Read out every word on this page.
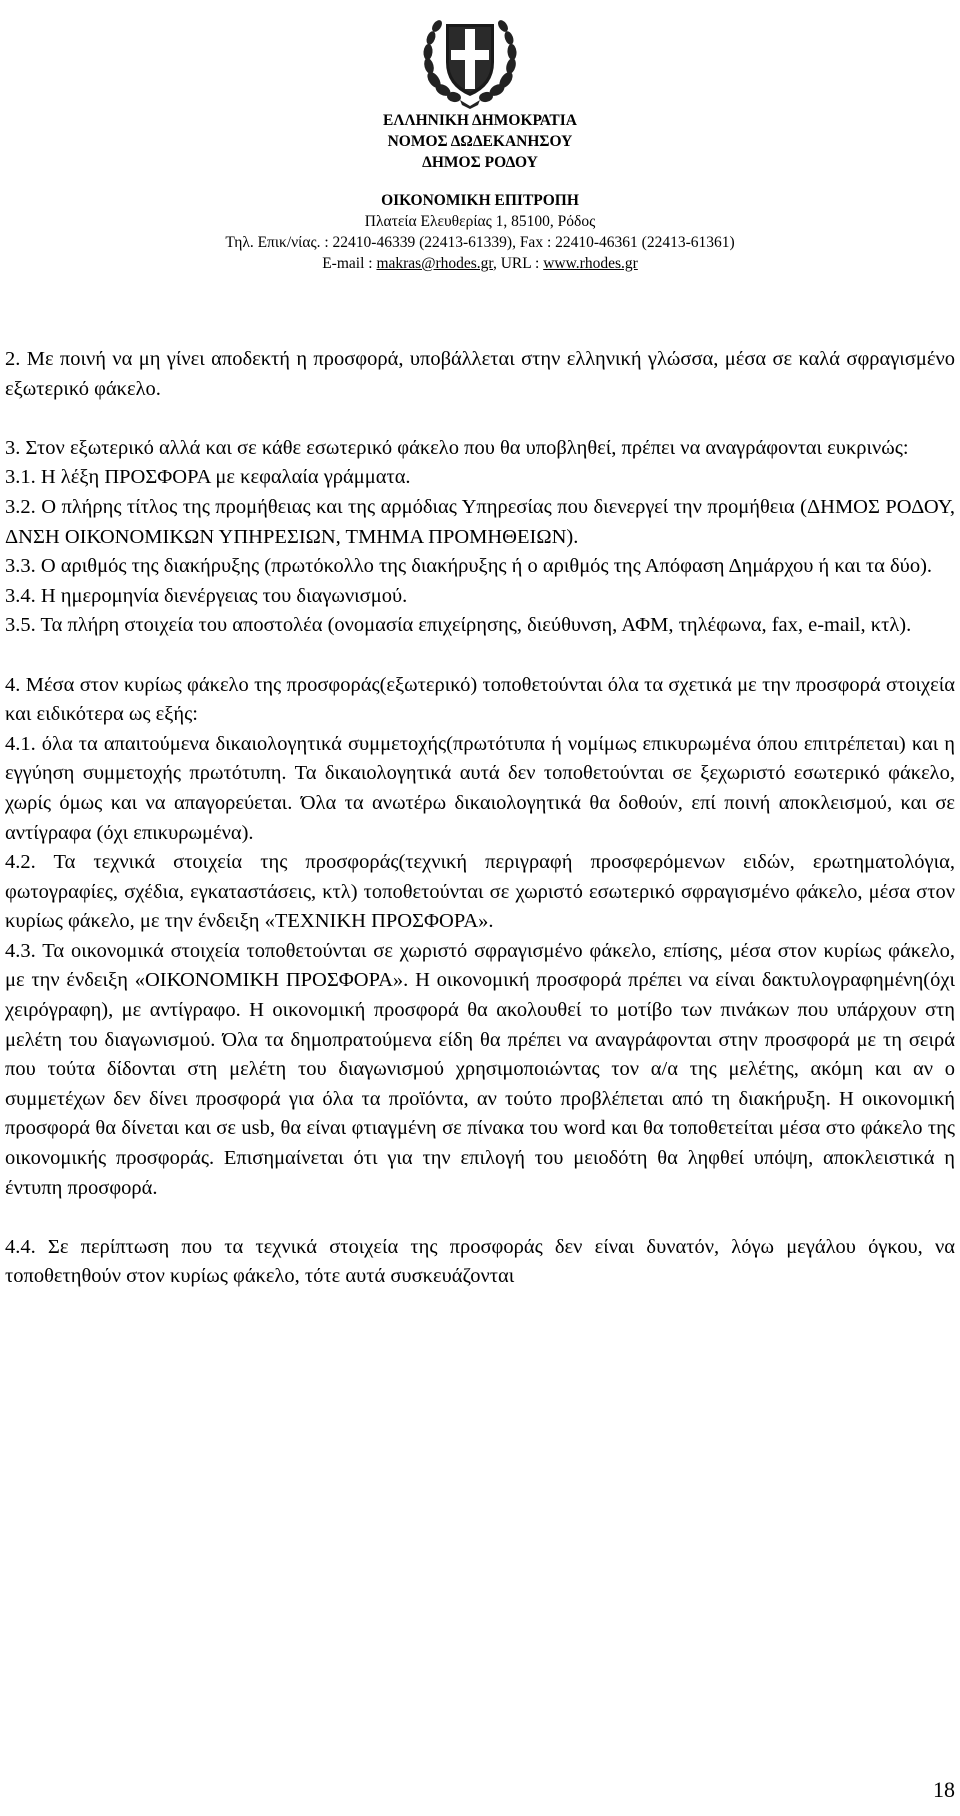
ΕΛΛΗΝΙΚΗ ΔΗΜΟΚΡΑΤΙΑ
ΝΟΜΟΣ ΔΩΔΕΚΑΝΗΣΟΥ
ΔΗΜΟΣ ΡΟΔΟΥ
ΟΙΚΟΝΟΜΙΚΗ ΕΠΙΤΡΟΠΗ
Πλατεία Ελευθερίας 1, 85100, Ρόδος
Τηλ. Επικ/νίας. : 22410-46339 (22413-61339), Fax : 22410-46361 (22413-61361)
E-mail : makras@rhodes.gr, URL : www.rhodes.gr

2. Με ποινή να μη γίνει αποδεκτή η προσφορά, υποβάλλεται στην ελληνική γλώσσα, μέσα σε καλά σφραγισμένο εξωτερικό φάκελο.

3. Στον εξωτερικό αλλά και σε κάθε εσωτερικό φάκελο που θα υποβληθεί, πρέπει να αναγράφονται ευκρινώς:

3.1. Η λέξη ΠΡΟΣΦΟΡΑ με κεφαλαία γράμματα.

3.2. Ο πλήρης τίτλος της προμήθειας και της αρμόδιας Υπηρεσίας που διενεργεί την προμήθεια (ΔΗΜΟΣ ΡΟΔΟΥ, ΔΝΣΗ ΟΙΚΟΝΟΜΙΚΩΝ ΥΠΗΡΕΣΙΩΝ, ΤΜΗΜΑ ΠΡΟΜΗΘΕΙΩΝ).

3.3. Ο αριθμός της διακήρυξης (πρωτόκολλο της διακήρυξης ή ο αριθμός της Απόφαση Δημάρχου ή και τα δύο).

3.4. Η ημερομηνία διενέργειας του διαγωνισμού.

3.5. Τα πλήρη στοιχεία του αποστολέα (ονομασία επιχείρησης, διεύθυνση, ΑΦΜ, τηλέφωνα, fax, e-mail, κτλ).

4. Μέσα στον κυρίως φάκελο της προσφοράς(εξωτερικό) τοποθετούνται όλα τα σχετικά με την προσφορά στοιχεία και ειδικότερα ως εξής:

4.1. όλα τα απαιτούμενα δικαιολογητικά συμμετοχής(πρωτότυπα ή νομίμως επικυρωμένα όπου επιτρέπεται) και η εγγύηση συμμετοχής πρωτότυπη. Τα δικαιολογητικά αυτά δεν τοποθετούνται σε ξεχωριστό εσωτερικό φάκελο, χωρίς όμως και να απαγορεύεται. Όλα τα ανωτέρω δικαιολογητικά θα δοθούν, επί ποινή αποκλεισμού, και σε αντίγραφα (όχι επικυρωμένα).

4.2. Τα τεχνικά στοιχεία της προσφοράς(τεχνική περιγραφή προσφερόμενων ειδών, ερωτηματολόγια, φωτογραφίες, σχέδια, εγκαταστάσεις, κτλ) τοποθετούνται σε χωριστό εσωτερικό σφραγισμένο φάκελο, μέσα στον κυρίως φάκελο, με την ένδειξη «ΤΕΧΝΙΚΗ ΠΡΟΣΦΟΡΑ».

4.3. Τα οικονομικά στοιχεία τοποθετούνται σε χωριστό σφραγισμένο φάκελο, επίσης, μέσα στον κυρίως φάκελο, με την ένδειξη «ΟΙΚΟΝΟΜΙΚΗ ΠΡΟΣΦΟΡΑ». Η οικονομική προσφορά πρέπει να είναι δακτυλογραφημένη(όχι χειρόγραφη), με αντίγραφο. Η οικονομική προσφορά θα ακολουθεί το μοτίβο των πινάκων που υπάρχουν στη μελέτη του διαγωνισμού. Όλα τα δημοπρατούμενα είδη θα πρέπει να αναγράφονται στην προσφορά με τη σειρά που τούτα δίδονται στη μελέτη του διαγωνισμού χρησιμοποιώντας τον α/α της μελέτης, ακόμη και αν ο συμμετέχων δεν δίνει προσφορά για όλα τα προϊόντα, αν τούτο προβλέπεται από τη διακήρυξη. Η οικονομική προσφορά θα δίνεται και σε usb, θα είναι φτιαγμένη σε πίνακα του word και θα τοποθετείται μέσα στο φάκελο της οικονομικής προσφοράς. Επισημαίνεται ότι για την επιλογή του μειοδότη θα ληφθεί υπόψη, αποκλειστικά η έντυπη προσφορά.

4.4. Σε περίπτωση που τα τεχνικά στοιχεία της προσφοράς δεν είναι δυνατόν, λόγω μεγάλου όγκου, να τοποθετηθούν στον κυρίως φάκελο, τότε αυτά συσκευάζονται

18
